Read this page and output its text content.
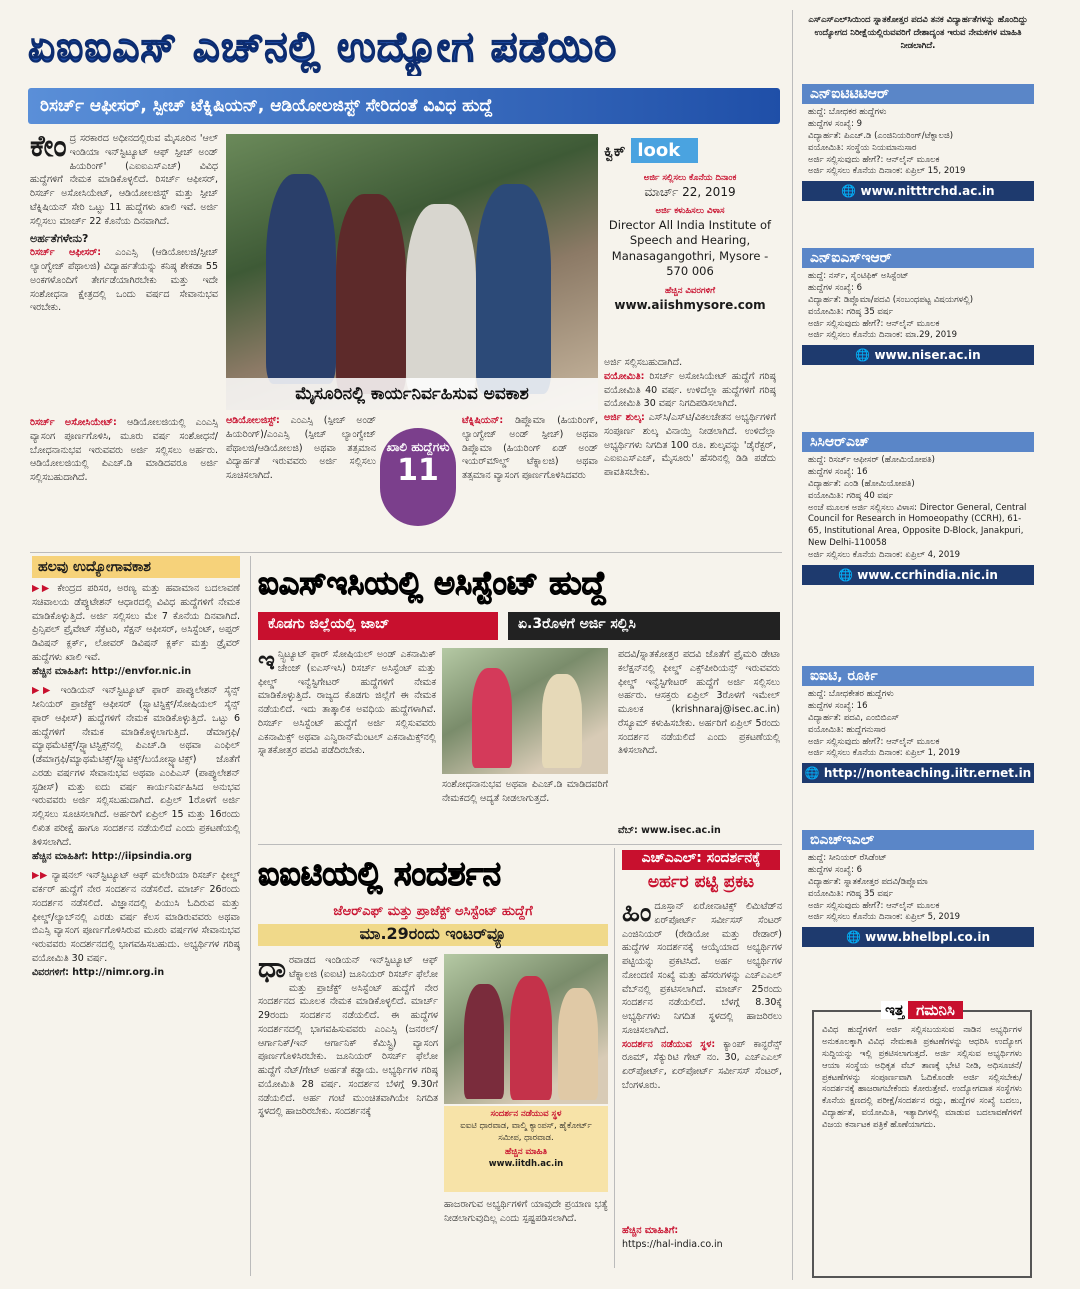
ಏಐಐಎಸ್ ಎಚ್‌ನಲ್ಲಿ ಉದ್ಯೋಗ ಪಡೆಯಿರಿ
ರಿಸರ್ಚ್ ಆಫೀಸರ್, ಸ್ಪೀಚ್ ಟೆಕ್ನಿಷಿಯನ್, ಆಡಿಯೋಲಜಿಸ್ಟ್ ಸೇರಿದಂತೆ ವಿವಿಧ ಹುದ್ದೆ
ಕೇಂ ದ್ರ ಸರಕಾರದ ಅಧೀನದಲ್ಲಿರುವ ಮೈಸೂರಿನ 'ಆಲ್ ಇಂಡಿಯಾ ಇನ್‌ಸ್ಟಿಟ್ಯೂಟ್ ಆಫ್ ಸ್ಪೀಚ್ ಅಂಡ್ ಹಿಯರಿಂಗ್' (ಎಐಐಎಸ್‌ಎಚ್) ವಿವಿಧ ಹುದ್ದೆಗಳಿಗೆ ನೇಮಕ ಮಾಡಿಕೊಳ್ಳಲಿದೆ. ರಿಸರ್ಚ್ ಆಫೀಸರ್, ರಿಸರ್ಚ್ ಅಸೋಸಿಯೇಟ್, ಆಡಿಯೋಲಜಿಸ್ಟ್ ಮತ್ತು ಸ್ಪೀಚ್ ಟೆಕ್ನಿಷಿಯನ್ ಸೇರಿ ಒಟ್ಟು 11 ಹುದ್ದೆಗಳು ಖಾಲಿ ಇವೆ. ಅರ್ಜಿ ಸಲ್ಲಿಸಲು ಮಾರ್ಚ್ 22 ಕೊನೆಯ ದಿನವಾಗಿದೆ.
ಅರ್ಹತೆಗಳೇನು?
ರಿಸರ್ಚ್ ಆಫೀಸರ್: ಎಂಎಸ್ಸಿ (ಆಡಿಯೋಲಜಿ/ಸ್ಪೀಚ್ ಲ್ಯಾಂಗ್ವೇಜ್ ಪೆಥಾಲಜಿ) ವಿದ್ಯಾರ್ಹತೆಯನ್ನು ಕನಿಷ್ಠ ಶೇಕಡಾ 55 ಅಂಕಗಳೊಂದಿಗೆ ತೇರ್ಗಡೆಯಾಗಿರಬೇಕು ಮತ್ತು ಇದೇ ಸಂಶೋಧನಾ ಕ್ಷೇತ್ರದಲ್ಲಿ ಒಂದು ವರ್ಷದ ಸೇವಾನುಭವ ಇರಬೇಕು.
ರಿಸರ್ಚ್ ಅಸೋಸಿಯೇಟ್: ಆಡಿಯೋಲಜಿಯಲ್ಲಿ ಎಂಎಸ್ಸಿ ವ್ಯಾಸಂಗ ಪೂರ್ಣಗೊಳಿಸಿ, ಮೂರು ವರ್ಷ ಸಂಶೋಧನೆ/ಬೋಧನಾನುಭವ ಇರುವವರು ಅರ್ಜಿ ಸಲ್ಲಿಸಲು ಅರ್ಹರು. ಆಡಿಯೋಲಜಿಯಲ್ಲಿ ಪಿಎಚ್.ಡಿ ಮಾಡಿದವರೂ ಅರ್ಜಿ ಸಲ್ಲಿಸಬಹುದಾಗಿದೆ.
ಮೈಸೂರಿನಲ್ಲಿ ಕಾರ್ಯನಿರ್ವಹಿಸುವ ಅವಕಾಶ
ಕ್ವಿಕ್ look
ಅರ್ಜಿ ಸಲ್ಲಿಸಲು ಕೊನೆಯ ದಿನಾಂಕ
ಮಾರ್ಚ್ 22, 2019
ಅರ್ಜಿ ಕಳುಹಿಸಲು ವಿಳಾಸ
Director All India Institute of Speech and Hearing, Manasagangothri, Mysore - 570 006
ಹೆಚ್ಚಿನ ವಿವರಗಳಿಗೆ
www.aiishmysore.com
ಅರ್ಜಿ ಸಲ್ಲಿಸಬಹುದಾಗಿದೆ.
ವಯೋಮಿತಿ: ರಿಸರ್ಚ್ ಅಸೋಸಿಯೇಟ್ ಹುದ್ದೆಗೆ ಗರಿಷ್ಠ ವಯೋಮಿತಿ 40 ವರ್ಷ. ಉಳಿದೆಲ್ಲಾ ಹುದ್ದೆಗಳಿಗೆ ಗರಿಷ್ಠ ವಯೋಮಿತಿ 30 ವರ್ಷ ನಿಗದಿಪಡಿಸಲಾಗಿದೆ.
ಅರ್ಜಿ ಶುಲ್ಕ: ಎಸ್‌ಸಿ/ಎಸ್‌ಟಿ/ವಿಕಲಚೇತನ ಅಭ್ಯರ್ಥಿಗಳಿಗೆ ಸಂಪೂರ್ಣ ಶುಲ್ಕ ವಿನಾಯ್ತಿ ನೀಡಲಾಗಿದೆ. ಉಳಿದೆಲ್ಲಾ ಅಭ್ಯರ್ಥಿಗಳು ನಿಗದಿತ 100 ರೂ. ಶುಲ್ಕವನ್ನು 'ಡೈರೆಕ್ಟರ್, ಎಐಐಎಸ್‌ಎಚ್, ಮೈಸೂರು' ಹೆಸರಿನಲ್ಲಿ ಡಿಡಿ ಪಡೆದು ಪಾವತಿಸಬೇಕು.
ಆಡಿಯೋಲಜಿಸ್ಟ್: ಎಂಎಸ್ಸಿ (ಸ್ಪೀಚ್ ಅಂಡ್ ಹಿಯರಿಂಗ್)/ಎಂಎಸ್ಸಿ (ಸ್ಪೀಚ್ ಲ್ಯಾಂಗ್ವೇಜ್ ಪೆಥಾಲಜಿ/ಆಡಿಯೋಲಜಿ) ಅಥವಾ ತತ್ಸಮಾನ ವಿದ್ಯಾರ್ಹತೆ ಇರುವವರು ಅರ್ಜಿ ಸಲ್ಲಿಸಲು ಸೂಚಿಸಲಾಗಿದೆ.
ಖಾಲಿ ಹುದ್ದೆಗಳು
11
ಟೆಕ್ನಿಷಿಯನ್: ಡಿಪ್ಲೊಮಾ (ಹಿಯರಿಂಗ್, ಲ್ಯಾಂಗ್ವೇಜ್ ಅಂಡ್ ಸ್ಪೀಚ್) ಅಥವಾ ಡಿಪ್ಲೊಮಾ (ಹಿಯರಿಂಗ್ ಏಡ್ ಅಂಡ್ ಇಯರ್‌ಮೌಲ್ಡ್ ಟೆಕ್ನಾಲಜಿ) ಅಥವಾ ತತ್ಸಮಾನ ವ್ಯಾಸಂಗ ಪೂರ್ಣಗೊಳಿಸಿದವರು
ಎಸ್‌ಎಸ್‌ಎಲ್‌ಸಿಯಿಂದ ಸ್ನಾತಕೋತ್ತರ ಪದವಿ ತನಕ ವಿದ್ಯಾರ್ಹತೆಗಳನ್ನು ಹೊಂದಿದ್ದು ಉದ್ಯೋಗದ ನಿರೀಕ್ಷೆಯಲ್ಲಿರುವವರಿಗೆ ದೇಶಾದ್ಯಂತ ಇರುವ ನೇಮಕಗಳ ಮಾಹಿತಿ ನೀಡಲಾಗಿದೆ.
ಎನ್‌ಐಟಿಟಿಟಿಆರ್
ಹುದ್ದೆ: ಬೋಧಕರ ಹುದ್ದೆಗಳು
ಹುದ್ದೆಗಳ ಸಂಖ್ಯೆ: 9
ವಿದ್ಯಾರ್ಹತೆ: ಪಿಎಚ್.ಡಿ (ಎಂಜಿನಿಯರಿಂಗ್/ಟೆಕ್ನಾಲಜಿ)
ವಯೋಮಿತಿ: ಸಂಸ್ಥೆಯ ನಿಯಮಾನುಸಾರ
ಅರ್ಜಿ ಸಲ್ಲಿಸುವುದು ಹೇಗೆ?: ಆನ್‌ಲೈನ್ ಮೂಲಕ
ಅರ್ಜಿ ಸಲ್ಲಿಸಲು ಕೊನೆಯ ದಿನಾಂಕ: ಏಪ್ರಿಲ್ 15, 2019
🌐 www.nitttrchd.ac.in
ಎನ್‌ಐಎಸ್‌ಇಆರ್
ಹುದ್ದೆ: ನರ್ಸ್, ಸೈಂಟಿಫಿಕ್ ಅಸಿಸ್ಟೆಂಟ್
ಹುದ್ದೆಗಳ ಸಂಖ್ಯೆ: 6
ವಿದ್ಯಾರ್ಹತೆ: ಡಿಪ್ಲೊಮಾ/ಪದವಿ (ಸಂಬಂಧಪಟ್ಟ ವಿಷಯಗಳಲ್ಲಿ)
ವಯೋಮಿತಿ: ಗರಿಷ್ಠ 35 ವರ್ಷ
ಅರ್ಜಿ ಸಲ್ಲಿಸುವುದು ಹೇಗೆ?: ಆನ್‌ಲೈನ್ ಮೂಲಕ
ಅರ್ಜಿ ಸಲ್ಲಿಸಲು ಕೊನೆಯ ದಿನಾಂಕ: ಮಾ.29, 2019
🌐 www.niser.ac.in
ಸಿಸಿಆರ್‌ಎಚ್
ಹುದ್ದೆ: ರಿಸರ್ಚ್ ಆಫೀಸರ್ (ಹೋಮಿಯೋಪತಿ)
ಹುದ್ದೆಗಳ ಸಂಖ್ಯೆ: 16
ವಿದ್ಯಾರ್ಹತೆ: ಎಂಡಿ (ಹೋಮಿಯೋಪತಿ)
ವಯೋಮಿತಿ: ಗರಿಷ್ಠ 40 ವರ್ಷ
ಅಂಚೆ ಮೂಲಕ ಅರ್ಜಿ ಸಲ್ಲಿಸಲು ವಿಳಾಸ: Director General, Central Council for Research in Homoeopathy (CCRH), 61-65, Institutional Area, Opposite D-Block, Janakpuri, New Delhi-110058
ಅರ್ಜಿ ಸಲ್ಲಿಸಲು ಕೊನೆಯ ದಿನಾಂಕ: ಏಪ್ರಿಲ್ 4, 2019
🌐 www.ccrhindia.nic.in
ಐಐಟಿ, ರೂರ್ಕಿ
ಹುದ್ದೆ: ಬೋಧಕೇತರ ಹುದ್ದೆಗಳು
ಹುದ್ದೆಗಳ ಸಂಖ್ಯೆ: 16
ವಿದ್ಯಾರ್ಹತೆ: ಪದವಿ, ಎಂಬಿಬಿಎಸ್
ವಯೋಮಿತಿ: ಹುದ್ದೆಗನುಸಾರ
ಅರ್ಜಿ ಸಲ್ಲಿಸುವುದು ಹೇಗೆ?: ಆನ್‌ಲೈನ್ ಮೂಲಕ
ಅರ್ಜಿ ಸಲ್ಲಿಸಲು ಕೊನೆಯ ದಿನಾಂಕ: ಏಪ್ರಿಲ್ 1, 2019
🌐 http://nonteaching.iitr.ernet.in
ಬಿಎಚ್‌ಇಎಲ್
ಹುದ್ದೆ: ಸೀನಿಯರ್ ರೆಸಿಡೆಂಟ್
ಹುದ್ದೆಗಳ ಸಂಖ್ಯೆ: 6
ವಿದ್ಯಾರ್ಹತೆ: ಸ್ನಾತಕೋತ್ತರ ಪದವಿ/ಡಿಪ್ಲೊಮಾ
ವಯೋಮಿತಿ: ಗರಿಷ್ಠ 35 ವರ್ಷ
ಅರ್ಜಿ ಸಲ್ಲಿಸುವುದು ಹೇಗೆ?: ಆನ್‌ಲೈನ್ ಮೂಲಕ
ಅರ್ಜಿ ಸಲ್ಲಿಸಲು ಕೊನೆಯ ದಿನಾಂಕ: ಏಪ್ರಿಲ್ 5, 2019
🌐 www.bhelbpl.co.in
ಇತ್ತ ಗಮನಿಸಿ
ವಿವಿಧ ಹುದ್ದೆಗಳಿಗೆ ಅರ್ಜಿ ಸಲ್ಲಿಸಬಯಸುವ ನಾಡಿನ ಅಭ್ಯರ್ಥಿಗಳ ಅನುಕೂಲಕ್ಕಾಗಿ ವಿವಿಧ ನೇಮಕಾತಿ ಪ್ರಕಟಣೆಗಳನ್ನು ಆಧರಿಸಿ ಉದ್ಯೋಗ ಸುದ್ದಿಯನ್ನು ಇಲ್ಲಿ ಪ್ರಕಟಿಸಲಾಗುತ್ತದೆ. ಅರ್ಜಿ ಸಲ್ಲಿಸುವ ಅಭ್ಯರ್ಥಿಗಳು ಆಯಾ ಸಂಸ್ಥೆಯ ಅಧಿಕೃತ ವೆಬ್ ತಾಣಕ್ಕೆ ಭೇಟಿ ನೀಡಿ, ಅಧಿಸೂಚನೆ/ಪ್ರಕಟಣೆಗಳನ್ನು ಸಂಪೂರ್ಣವಾಗಿ ಓದಿಕೊಂಡೇ ಅರ್ಜಿ ಸಲ್ಲಿಸಬೇಕು/ಸಂದರ್ಶನಕ್ಕೆ ಹಾಜರಾಗಬೇಕೆಂದು ಕೋರುತ್ತೇವೆ. ಉದ್ಯೋಗದಾತ ಸಂಸ್ಥೆಗಳು ಕೊನೆಯ ಕ್ಷಣದಲ್ಲಿ ಪರೀಕ್ಷೆ/ಸಂದರ್ಶನ ರದ್ದು, ಹುದ್ದೆಗಳ ಸಂಖ್ಯೆ ಬದಲು, ವಿದ್ಯಾರ್ಹತೆ, ವಯೋಮಿತಿ, ಇತ್ಯಾದಿಗಳಲ್ಲಿ ಮಾಡುವ ಬದಲಾವಣೆಗಳಿಗೆ ವಿಜಯ ಕರ್ನಾಟಕ ಪತ್ರಿಕೆ ಹೊಣೆಯಾಗದು.
ಹಲವು ಉದ್ಯೋಗಾವಕಾಶ
▶▶ ಕೇಂದ್ರದ ಪರಿಸರ, ಅರಣ್ಯ ಮತ್ತು ಹವಾಮಾನ ಬದಲಾವಣೆ ಸಚಿವಾಲಯ ಡೆಪ್ಯುಟೇಶನ್ ಆಧಾರದಲ್ಲಿ ವಿವಿಧ ಹುದ್ದೆಗಳಿಗೆ ನೇಮಕ ಮಾಡಿಕೊಳ್ಳುತ್ತಿದೆ. ಅರ್ಜಿ ಸಲ್ಲಿಸಲು ಮೇ 7 ಕೊನೆಯ ದಿನವಾಗಿದೆ. ಪ್ರಿನ್ಸಿಪಲ್ ಪ್ರೈವೇಟ್ ಸೆಕ್ರೆಟರಿ, ಸೆಕ್ಷನ್ ಆಫೀಸರ್, ಅಸಿಸ್ಟೆಂಟ್, ಅಪ್ಪರ್ ಡಿವಿಷನ್ ಕ್ಲರ್ಕ್, ಲೋವರ್ ಡಿವಿಷನ್ ಕ್ಲರ್ಕ್ ಮತ್ತು ಡ್ರೈವರ್ ಹುದ್ದೆಗಳು ಖಾಲಿ ಇವೆ.
ಹೆಚ್ಚಿನ ಮಾಹಿತಿಗೆ: http://envfor.nic.in
▶▶ ಇಂಡಿಯನ್ ಇನ್‌ಸ್ಟಿಟ್ಯೂಟ್ ಫಾರ್ ಪಾಪ್ಯುಲೇಶನ್ ಸೈನ್ಸ್ ಸೀನಿಯರ್ ಪ್ರಾಜೆಕ್ಟ್ ಆಫೀಸರ್ (ಸ್ಟ್ಯಾಟಿಸ್ಟಿಕ್ಸ್/ಸೋಷಿಯಲ್ ಸೈನ್ಸ್ ಫಾರ್ ಆಫೀಸ್) ಹುದ್ದೆಗಳಿಗೆ ನೇಮಕ ಮಾಡಿಕೊಳ್ಳುತ್ತಿದೆ. ಒಟ್ಟು 6 ಹುದ್ದೆಗಳಿಗೆ ನೇಮಕ ಮಾಡಿಕೊಳ್ಳಲಾಗುತ್ತಿದೆ. ಡೆಮಾಗ್ರಫಿ/ಮ್ಯಾಥಮೆಟಿಕ್ಸ್/ಸ್ಟ್ಯಾಟಿಸ್ಟಿಕ್ಸ್‌ನಲ್ಲಿ ಪಿಎಚ್.ಡಿ ಅಥವಾ ಎಂಫಿಲ್ (ಡೆಮಾಗ್ರಫಿ/ಮ್ಯಾಥಮೆಟಿಕ್ಸ್/ಸ್ಟ್ಯಾಟಿಕ್ಸ್/ಬಯೋಸ್ಟ್ಯಾಟಿಕ್ಸ್) ಜೊತೆಗೆ ಎರಡು ವರ್ಷಗಳ ಸೇವಾನುಭವ ಅಥವಾ ಎಂಪಿಎಸ್ (ಪಾಪ್ಯುಲೇಶನ್ ಸ್ಟಡೀಸ್) ಮತ್ತು ಐದು ವರ್ಷ ಕಾರ್ಯನಿರ್ವಹಿಸಿದ ಅನುಭವ ಇರುವವರು ಅರ್ಜಿ ಸಲ್ಲಿಸಬಹುದಾಗಿದೆ. ಏಪ್ರಿಲ್ 1ರೊಳಗೆ ಅರ್ಜಿ ಸಲ್ಲಿಸಲು ಸೂಚಿಸಲಾಗಿದೆ. ಅರ್ಹರಿಗೆ ಏಪ್ರಿಲ್ 15 ಮತ್ತು 16ರಂದು ಲಿಖಿತ ಪರೀಕ್ಷೆ ಹಾಗೂ ಸಂದರ್ಶನ ನಡೆಯಲಿದೆ ಎಂದು ಪ್ರಕಟಣೆಯಲ್ಲಿ ತಿಳಿಸಲಾಗಿದೆ.
ಹೆಚ್ಚಿನ ಮಾಹಿತಿಗೆ: http://iipsindia.org
▶▶ ನ್ಯಾಷನಲ್ ಇನ್‌ಸ್ಟಿಟ್ಯೂಟ್ ಆಫ್ ಮಲೇರಿಯಾ ರಿಸರ್ಚ್ ಫೀಲ್ಡ್ ವರ್ಕರ್ ಹುದ್ದೆಗೆ ನೇರ ಸಂದರ್ಶನ ನಡೆಸಲಿದೆ. ಮಾರ್ಚ್ 26ರಂದು ಸಂದರ್ಶನ ನಡೆಸಲಿದೆ. ವಿಜ್ಞಾನದಲ್ಲಿ ಪಿಯುಸಿ ಓದಿರುವ ಮತ್ತು ಫೀಲ್ಡ್/ಲ್ಯಾಬ್‌ನಲ್ಲಿ ಎರಡು ವರ್ಷ ಕೆಲಸ ಮಾಡಿರುವವರು ಅಥವಾ ಬಿಎಸ್ಸಿ ವ್ಯಾಸಂಗ ಪೂರ್ಣಗೊಳಿಸಿರುವ ಮೂರು ವರ್ಷಗಳ ಸೇವಾನುಭವ ಇರುವವರು ಸಂದರ್ಶನದಲ್ಲಿ ಭಾಗವಹಿಸಬಹುದು. ಅಭ್ಯರ್ಥಿಗಳ ಗರಿಷ್ಠ ವಯೋಮಿತಿ 30 ವರ್ಷ.
ವಿವರಗಳಿಗೆ: http://nimr.org.in
ಐಎಸ್‌ಇಸಿಯಲ್ಲಿ ಅಸಿಸ್ಟೆಂಟ್ ಹುದ್ದೆ
ಕೊಡಗು ಜಿಲ್ಲೆಯಲ್ಲಿ ಜಾಬ್	ಏ.3ರೊಳಗೆ ಅರ್ಜಿ ಸಲ್ಲಿಸಿ
ಇ ನ್ಸ್ಟಿಟ್ಯೂಟ್ ಫಾರ್ ಸೋಷಿಯಲ್ ಅಂಡ್ ಎಕನಾಮಿಕ್ ಚೇಂಜ್ (ಐಎಸ್‌ಇಸಿ) ರಿಸರ್ಚ್ ಅಸಿಸ್ಟೆಂಟ್ ಮತ್ತು ಫೀಲ್ಡ್ ಇನ್ವೆಸ್ಟಿಗೇಟರ್ ಹುದ್ದೆಗಳಿಗೆ ನೇಮಕ ಮಾಡಿಕೊಳ್ಳುತ್ತಿದೆ. ರಾಜ್ಯದ ಕೊಡಗು ಜಿಲ್ಲೆಗೆ ಈ ನೇಮಕ ನಡೆಯಲಿದೆ. ಇದು ತಾತ್ಕಾಲಿಕ ಅವಧಿಯ ಹುದ್ದೆಗಳಾಗಿವೆ. ರಿಸರ್ಚ್ ಅಸಿಸ್ಟೆಂಟ್ ಹುದ್ದೆಗೆ ಅರ್ಜಿ ಸಲ್ಲಿಸುವವರು ಎಕನಾಮಿಕ್ಸ್ ಅಥವಾ ಎನ್ವಿರಾನ್‌ಮೆಂಟಲ್ ಎಕನಾಮಿಕ್ಸ್‌ನಲ್ಲಿ ಸ್ನಾತಕೋತ್ತರ ಪದವಿ ಪಡೆದಿರಬೇಕು.
ಸಂಶೋಧನಾನುಭವ ಅಥವಾ ಪಿಎಚ್.ಡಿ ಮಾಡಿದವರಿಗೆ ನೇಮಕದಲ್ಲಿ ಆದ್ಯತೆ ನೀಡಲಾಗುತ್ತದೆ.
ಪದವಿ/ಸ್ನಾತಕೋತ್ತರ ಪದವಿ ಜೊತೆಗೆ ಪ್ರೈಮರಿ ಡೇಟಾ ಕಲೆಕ್ಷನ್‌ನಲ್ಲಿ ಫೀಲ್ಡ್ ಎಕ್ಸ್‌ಪೀರಿಯನ್ಸ್ ಇರುವವರು ಫೀಲ್ಡ್ ಇನ್ವೆಸ್ಟಿಗೇಟರ್ ಹುದ್ದೆಗೆ ಅರ್ಜಿ ಸಲ್ಲಿಸಲು ಅರ್ಹರು. ಆಸಕ್ತರು ಏಪ್ರಿಲ್ 3ರೊಳಗೆ ಇಮೇಲ್ ಮೂಲಕ (krishnaraj@isec.ac.in) ರೆಸ್ಯೂಮ್ ಕಳುಹಿಸಬೇಕು. ಅರ್ಹರಿಗೆ ಏಪ್ರಿಲ್ 5ರಂದು ಸಂದರ್ಶನ ನಡೆಯಲಿದೆ ಎಂದು ಪ್ರಕಟಣೆಯಲ್ಲಿ ತಿಳಿಸಲಾಗಿದೆ.
ವೆಬ್: www.isec.ac.in
ಐಐಟಿಯಲ್ಲಿ ಸಂದರ್ಶನ
ಜೆಆರ್‌ಎಫ್ ಮತ್ತು ಪ್ರಾಜೆಕ್ಟ್ ಅಸಿಸ್ಟೆಂಟ್ ಹುದ್ದೆಗೆ
ಮಾ.29ರಂದು ಇಂಟರ್‌ವ್ಯೂ
ಧಾ ರವಾಡದ ಇಂಡಿಯನ್ ಇನ್‌ಸ್ಟಿಟ್ಯೂಟ್ ಆಫ್ ಟೆಕ್ನಾಲಜಿ (ಐಐಟಿ) ಜೂನಿಯರ್ ರಿಸರ್ಚ್ ಫೆಲೋ ಮತ್ತು ಪ್ರಾಜೆಕ್ಟ್ ಅಸಿಸ್ಟೆಂಟ್ ಹುದ್ದೆಗೆ ನೇರ ಸಂದರ್ಶನದ ಮೂಲಕ ನೇಮಕ ಮಾಡಿಕೊಳ್ಳಲಿದೆ. ಮಾರ್ಚ್ 29ರಂದು ಸಂದರ್ಶನ ನಡೆಯಲಿದೆ. ಈ ಹುದ್ದೆಗಳ ಸಂದರ್ಶನದಲ್ಲಿ ಭಾಗವಹಿಸುವವರು ಎಂಎಸ್ಸಿ (ಜನರಲ್/ಆರ್ಗಾನಿಕ್/ಇನ್ ಆರ್ಗಾನಿಕ್ ಕೆಮಿಸ್ಟ್ರಿ) ವ್ಯಾಸಂಗ ಪೂರ್ಣಗೊಳಿಸಿರಬೇಕು. ಜೂನಿಯರ್ ರಿಸರ್ಚ್ ಫೆಲೋ ಹುದ್ದೆಗೆ ನೆಟ್/ಗೇಟ್ ಅರ್ಹತೆ ಕಡ್ಡಾಯ. ಅಭ್ಯರ್ಥಿಗಳ ಗರಿಷ್ಠ ವಯೋಮಿತಿ 28 ವರ್ಷ. ಸಂದರ್ಶನ ಬೆಳಗ್ಗೆ 9.30ಗೆ ನಡೆಯಲಿದೆ. ಅರ್ಹ ಗಂಟೆ ಮುಂಚಿತವಾಗಿಯೇ ನಿಗದಿತ ಸ್ಥಳದಲ್ಲಿ ಹಾಜರಿರಬೇಕು. ಸಂದರ್ಶನಕ್ಕೆ	ಸಂದರ್ಶನ ನಡೆಯುವ ಸ್ಥಳ
ಐಐಟಿ ಧಾರವಾಡ, ವಾಲ್ಮಿ ಕ್ಯಾಂಪಸ್, ಹೈಕೋರ್ಟ್ ಸಮೀಪ, ಧಾರವಾಡ.
ಹೆಚ್ಚಿನ ಮಾಹಿತಿ
www.iitdh.ac.in
ಹಾಜರಾಗುವ ಅಭ್ಯರ್ಥಿಗಳಿಗೆ ಯಾವುದೇ ಪ್ರಯಾಣ ಭತ್ಯೆ ನೀಡಲಾಗುವುದಿಲ್ಲ ಎಂದು ಸ್ಪಷ್ಟಪಡಿಸಲಾಗಿದೆ.
ಎಚ್‌ಎಎಲ್: ಸಂದರ್ಶನಕ್ಕೆ
ಅರ್ಹರ ಪಟ್ಟಿ ಪ್ರಕಟ
ಹಿಂ ದೂಸ್ತಾನ್ ಏರೋನಾಟಿಕ್ಸ್ ಲಿಮಿಟೆಡ್‌ನ ಏರ್‌ಪೋರ್ಟ್ ಸರ್ವೀಸಸ್ ಸೆಂಟರ್ ಎಂಜಿನಿಯರ್ (ರೇಡಿಯೋ ಮತ್ತು ರೇಡಾರ್) ಹುದ್ದೆಗಳ ಸಂದರ್ಶನಕ್ಕೆ ಆಯ್ಕೆಯಾದ ಅಭ್ಯರ್ಥಿಗಳ ಪಟ್ಟಿಯನ್ನು ಪ್ರಕಟಿಸಿದೆ. ಅರ್ಹ ಅಭ್ಯರ್ಥಿಗಳ ನೋಂದಣಿ ಸಂಖ್ಯೆ ಮತ್ತು ಹೆಸರುಗಳನ್ನು ಎಚ್‌ಎಎಲ್ ವೆಬ್‌ನಲ್ಲಿ ಪ್ರಕಟಿಸಲಾಗಿದೆ. ಮಾರ್ಚ್ 25ರಂದು ಸಂದರ್ಶನ ನಡೆಯಲಿದೆ. ಬೆಳಗ್ಗೆ 8.30ಕ್ಕೆ ಅಭ್ಯರ್ಥಿಗಳು ನಿಗದಿತ ಸ್ಥಳದಲ್ಲಿ ಹಾಜರಿರಲು ಸೂಚಿಸಲಾಗಿದೆ.
ಸಂದರ್ಶನ ನಡೆಯುವ ಸ್ಥಳ: ಕ್ಯಾಂಪ್ ಕಾನ್ಫರೆನ್ಸ್ ರೂಮ್, ಸೆಕ್ಯುರಿಟಿ ಗೇಟ್ ನಂ. 30, ಎಚ್‌ಎಎಲ್ ಏರ್‌ಪೋರ್ಟ್, ಏರ್‌ಪೋರ್ಟ್ ಸರ್ವೀಸಸ್ ಸೆಂಟರ್, ಬೆಂಗಳೂರು.
ಹೆಚ್ಚಿನ ಮಾಹಿತಿಗೆ:
https://hal-india.co.in
